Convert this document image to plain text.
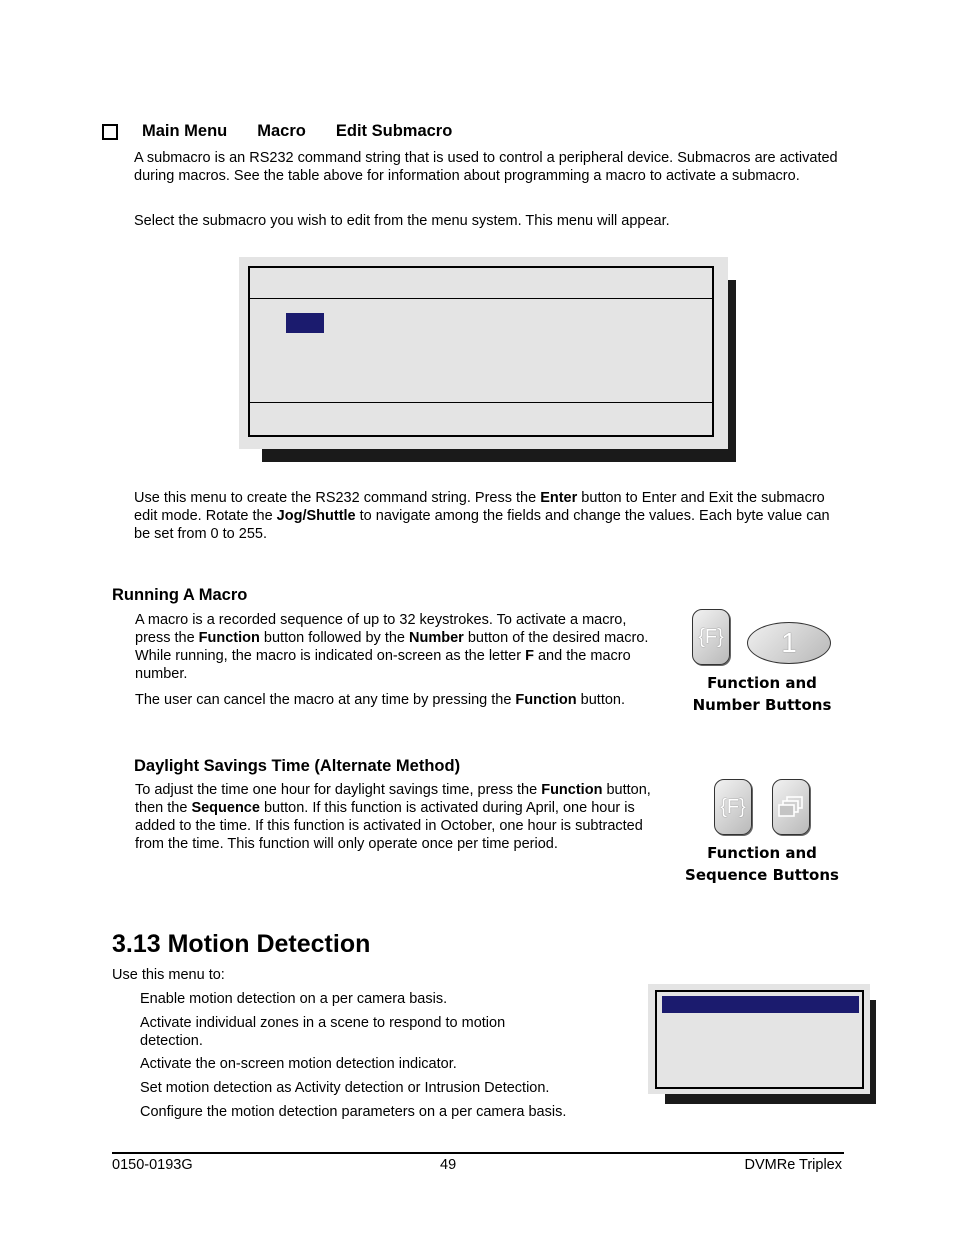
Main Menu Macro Edit Submacro

A submacro is an RS232 command string that is used to control a peripheral device. Submacros are activated during macros. See the table above for information about programming a macro to activate a submacro.

Select the submacro you wish to edit from the menu system. This menu will appear.

Use this menu to create the RS232 command string. Press the Enter button to Enter and Exit the submacro edit mode. Rotate the Jog/Shuttle to navigate among the fields and change the values. Each byte value can be set from 0 to 255.

Running A Macro

A macro is a recorded sequence of up to 32 keystrokes. To activate a macro, press the Function button followed by the Number button of the desired macro. While running, the macro is indicated on-screen as the letter F and the macro number.

The user can cancel the macro at any time by pressing the Function button.

{F}	1
Function and
Number Buttons
Daylight Savings Time (Alternate Method)

To adjust the time one hour for daylight savings time, press the Function button, then the Sequence button. If this function is activated during April, one hour is added to the time. If this function is activated in October, one hour is subtracted from the time. This function will only operate once per time period.

{F}
Function and
Sequence Buttons
3.13 Motion Detection
Use this menu to:
Enable motion detection on a per camera basis.
Activate individual zones in a scene to respond to motion detection.
Activate the on-screen motion detection indicator.
Set motion detection as Activity detection or Intrusion Detection.
Configure the motion detection parameters on a per camera basis.
0150-0193G	49	DVMRe Triplex
